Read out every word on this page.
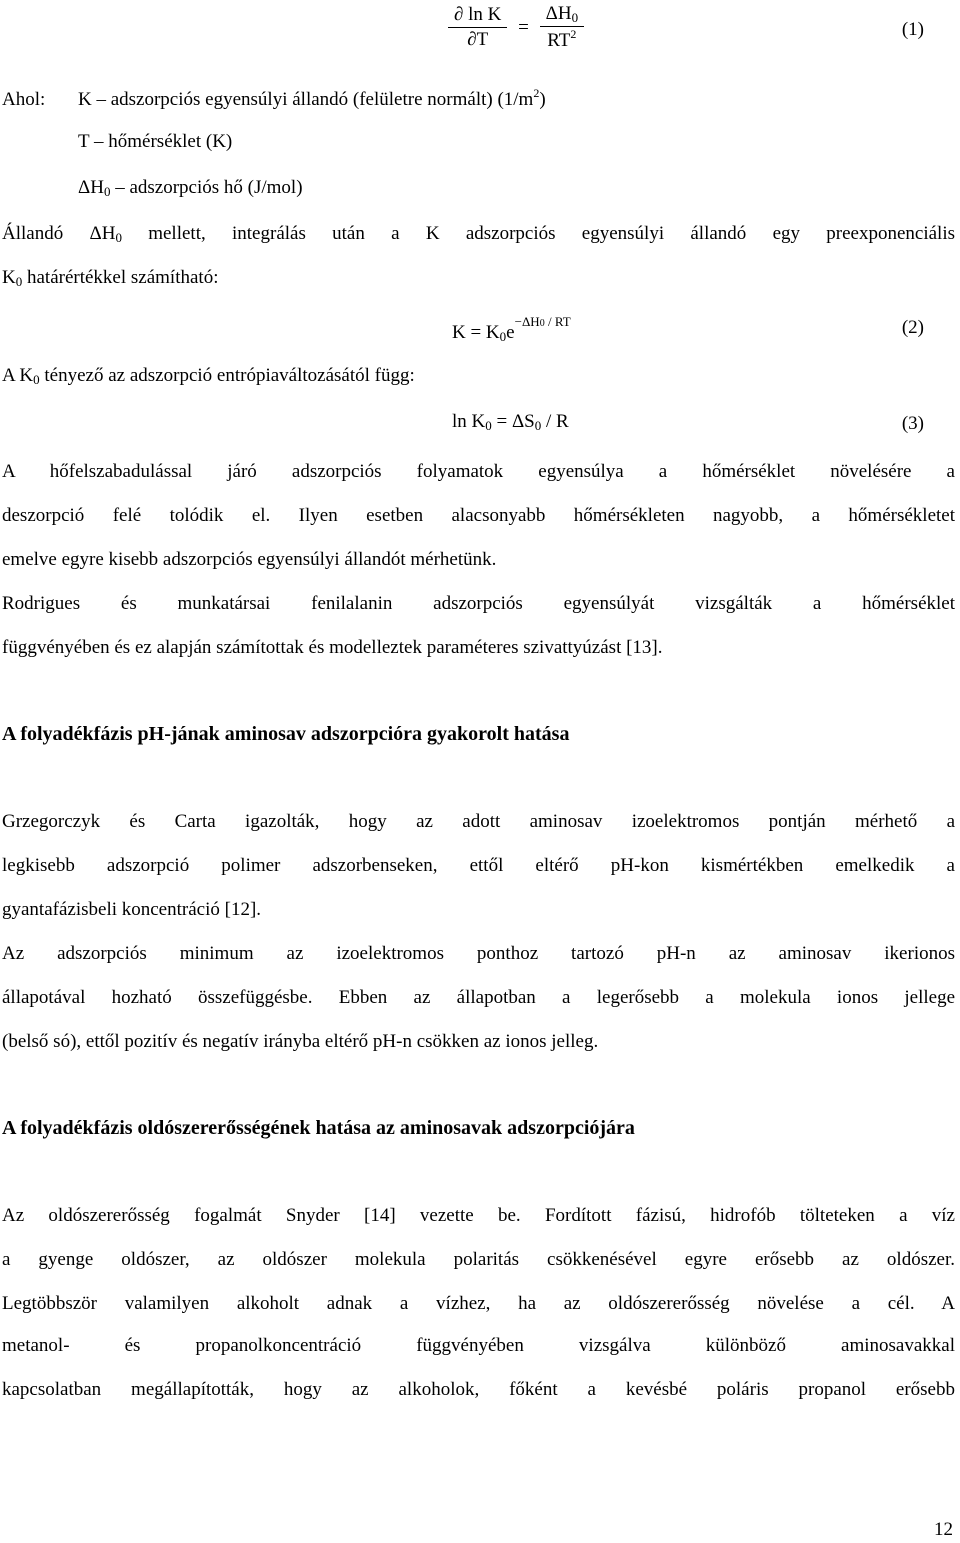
$\frac{\text{∂ ln K}}{\partial T} = \frac{\Delta H_0}{RT^2}$	(1)
Ahol: K – adszorpciós egyensúlyi állandó (felületre normált) $(1/m^2)$
T – hőmérséklet (K)
$\Delta H_0$ – adszorpciós hő (J/mol)
Állandó $\Delta H_0$ mellett, integrálás után a K adszorpciós egyensúlyi állandó egy preexponenciális
$K_0$ határértékkel számítható:
$K = K_0e^{-\Delta H0 / RT}$	(2)
A $K_0$ tényező az adszorpció entrópiaváltozásától függ:
$\ln K_0 = \Delta S_0 / R$	(3)
A hőfelszabadulással járó adszorpciós folyamatok egyensúlya a hőmérséklet növelésére a
deszorpció felé tolódik el. Ilyen esetben alacsonyabb hőmérsékleten nagyobb, a hőmérsékletet
emelve egyre kisebb adszorpciós egyensúlyi állandót mérhetünk.
Rodrigues és munkatársai fenilalanin adszorpciós egyensúlyát vizsgálták a hőmérséklet
függvényében és ez alapján számítottak és modelleztek paraméteres szivattyúzást [13].
A folyadékfázis pH-jának aminosav adszorpcióra gyakorolt hatása
Grzegorczyk és Carta igazolták, hogy az adott aminosav izoelektromos pontján mérhető a
legkisebb adszorpció polimer adszorbenseken, ettől eltérő pH-kon kismértékben emelkedik a
gyantafázisbeli koncentráció [12].
Az adszorpciós minimum az izoelektromos ponthoz tartozó pH-n az aminosav ikerionos
állapotával hozható összefüggésbe. Ebben az állapotban a legerősebb a molekula ionos jellege
(belső só), ettől pozitív és negatív irányba eltérő pH-n csökken az ionos jelleg.
A folyadékfázis oldószererősségének hatása az aminosavak adszorpciójára
Az oldószererősség fogalmát Snyder [14] vezette be. Fordított fázisú, hidrofób tölteteken a víz
a gyenge oldószer, az oldószer molekula polaritás csökkenésével egyre erősebb az oldószer.
Legtöbbször valamilyen alkoholt adnak a vízhez, ha az oldószererősség növelése a cél. A
metanol- és propanolkoncentráció függvényében vizsgálva különböző aminosavakkal
kapcsolatban megállapították, hogy az alkoholok, főként a kevésbé poláris propanol erősebb
12
